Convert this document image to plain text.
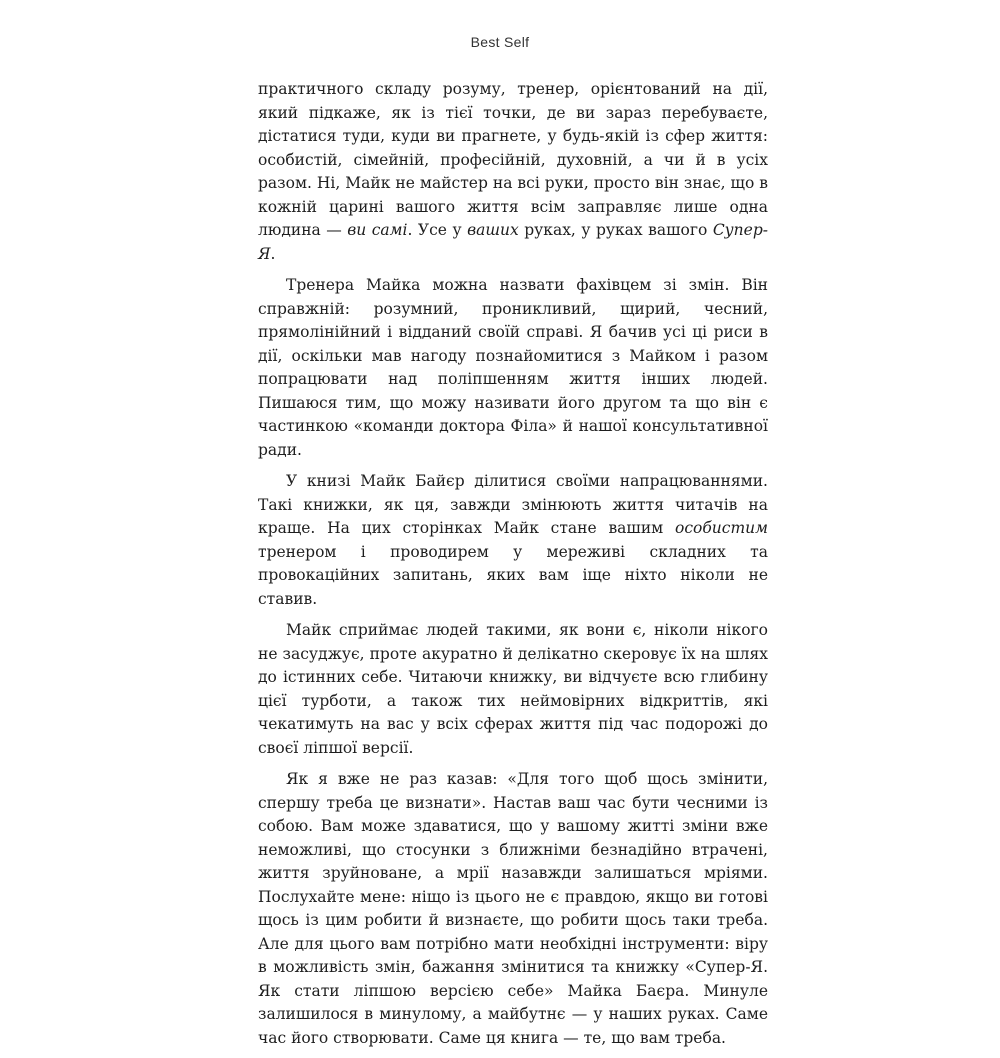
Best Self

практичного складу розуму, тренер, орієнтований на дії, який підкаже, як із тієї точки, де ви зараз перебуваєте, дістатися туди, куди ви прагнете, у будь-якій із сфер життя: особистій, сімейній, професійній, духовній, а чи й в усіх разом. Ні, Майк не майстер на всі руки, просто він знає, що в кожній царині вашого життя всім заправляє лише одна людина — ви самі. Усе у ваших руках, у руках вашого Супер-Я.

Тренера Майка можна назвати фахівцем зі змін. Він справжній: розумний, проникливий, щирий, чесний, прямолінійний і відданий своїй справі. Я бачив усі ці риси в дії, оскільки мав нагоду познайомитися з Майком і разом попрацювати над поліпшенням життя інших людей. Пишаюся тим, що можу називати його другом та що він є частинкою «команди доктора Філа» й нашої консультативної ради.

У книзі Майк Байєр ділитися своїми напрацюваннями. Такі книжки, як ця, завжди змінюють життя читачів на краще. На цих сторінках Майк стане вашим особистим тренером і проводирем у мереживі складних та провокаційних запитань, яких вам іще ніхто ніколи не ставив.

Майк сприймає людей такими, як вони є, ніколи нікого не засуджує, проте акуратно й делікатно скеровує їх на шлях до істинних себе. Читаючи книжку, ви відчуєте всю глибину цієї турботи, а також тих неймовірних відкриттів, які чекатимуть на вас у всіх сферах життя під час подорожі до своєї ліпшої версії.

Як я вже не раз казав: «Для того щоб щось змінити, спершу треба це визнати». Настав ваш час бути чесними із собою. Вам може здаватися, що у вашому житті зміни вже неможливі, що стосунки з ближніми безнадійно втрачені, життя зруйноване, а мрії назавжди залишаться мріями. Послухайте мене: ніщо із цього не є правдою, якщо ви готові щось із цим робити й визнаєте, що робити щось таки треба. Але для цього вам потрібно мати необхідні інструменти: віру в можливість змін, бажання змінитися та книжку «Супер-Я. Як стати ліпшою версією себе» Майка Баєра. Минуле залишилося в минулому, а майбутнє — у наших руках. Саме час його створювати. Саме ця книга — те, що вам треба.
